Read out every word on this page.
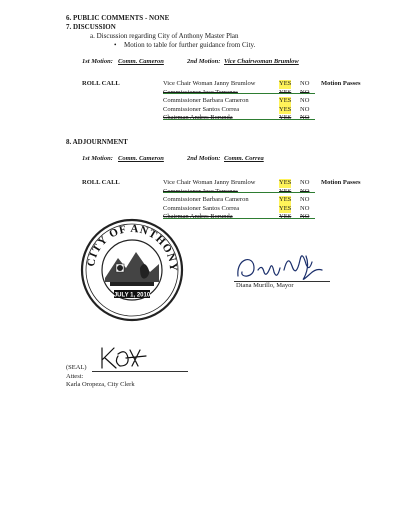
6. PUBLIC COMMENTS - NONE
7. DISCUSSION
a. Discussion regarding City of Anthony Master Plan
• Motion to table for further guidance from City.
1st Motion: Comm. Cameron	2nd Motion: Vice Chairwoman Brumlow
ROLL CALL	Vice Chair Woman Janny Brumlow	YES NO
Commissioner Jose Terrones	YES NO
Commissioner Barbara Cameron	YES NO
Commissioner Santos Correa	YES NO
Chairman Andres Borunda	YES NO
Motion Passes
8. ADJOURNMENT
1st Motion: Comm. Cameron	2nd Motion: Comm. Correa
ROLL CALL	Vice Chair Woman Janny Brumlow	YES NO
Commissioner Jose Terrones	YES NO
Commissioner Barbara Cameron	YES NO
Commissioner Santos Correa	YES NO
Chairman Andres Borunda	YES NO
Motion Passes
CITY OF ANTHONY
JULY 1, 2010
Diana Murillo, Mayor
(SEAL)
Attest:
Karla Oropeza, City Clerk
